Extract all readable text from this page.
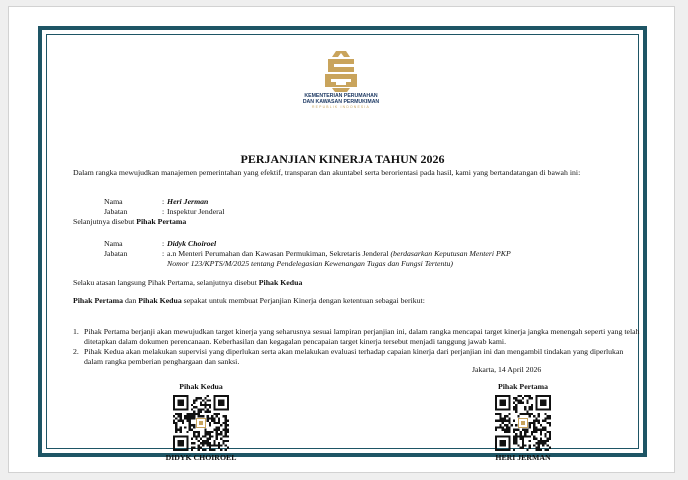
KEMENTERIAN PERUMAHAN
DAN KAWASAN PERMUKIMAN
REPUBLIK INDONESIA
PERJANJIAN KINERJA TAHUN 2026
Dalam rangka mewujudkan manajemen pemerintahan yang efektif, transparan dan akuntabel serta berorientasi pada hasil, kami yang bertandatangan di bawah ini:
Nama	: Heri Jerman
Jabatan	: Inspektur Jenderal
Selanjutnya disebut Pihak Pertama
Nama	: Didyk Choiroel
Jabatan	: a.n Menteri Perumahan dan Kawasan Permukiman, Sekretaris Jenderal (berdasarkan Keputusan Menteri PKP
Nomor 123/KPTS/M/2025 tentang Pendelegasian Kewenangan Tugas dan Fungsi Tertentu)
Selaku atasan langsung Pihak Pertama, selanjutnya disebut Pihak Kedua
Pihak Pertama dan Pihak Kedua sepakat untuk membuat Perjanjian Kinerja dengan ketentuan sebagai berikut:
1. Pihak Pertama berjanji akan mewujudkan target kinerja yang seharusnya sesuai lampiran perjanjian ini, dalam rangka mencapai target kinerja jangka menengah seperti yang telah ditetapkan dalam dokumen perencanaan. Keberhasilan dan kegagalan pencapaian target kinerja tersebut menjadi tanggung jawab kami.
2. Pihak Kedua akan melakukan supervisi yang diperlukan serta akan melakukan evaluasi terhadap capaian kinerja dari perjanjian ini dan mengambil tindakan yang diperlukan dalam rangka pemberian penghargaan dan sanksi.
Jakarta, 14 April 2026
Pihak Kedua
DIDYK CHOIROEL
Pihak Pertama
HERI JERMAN
